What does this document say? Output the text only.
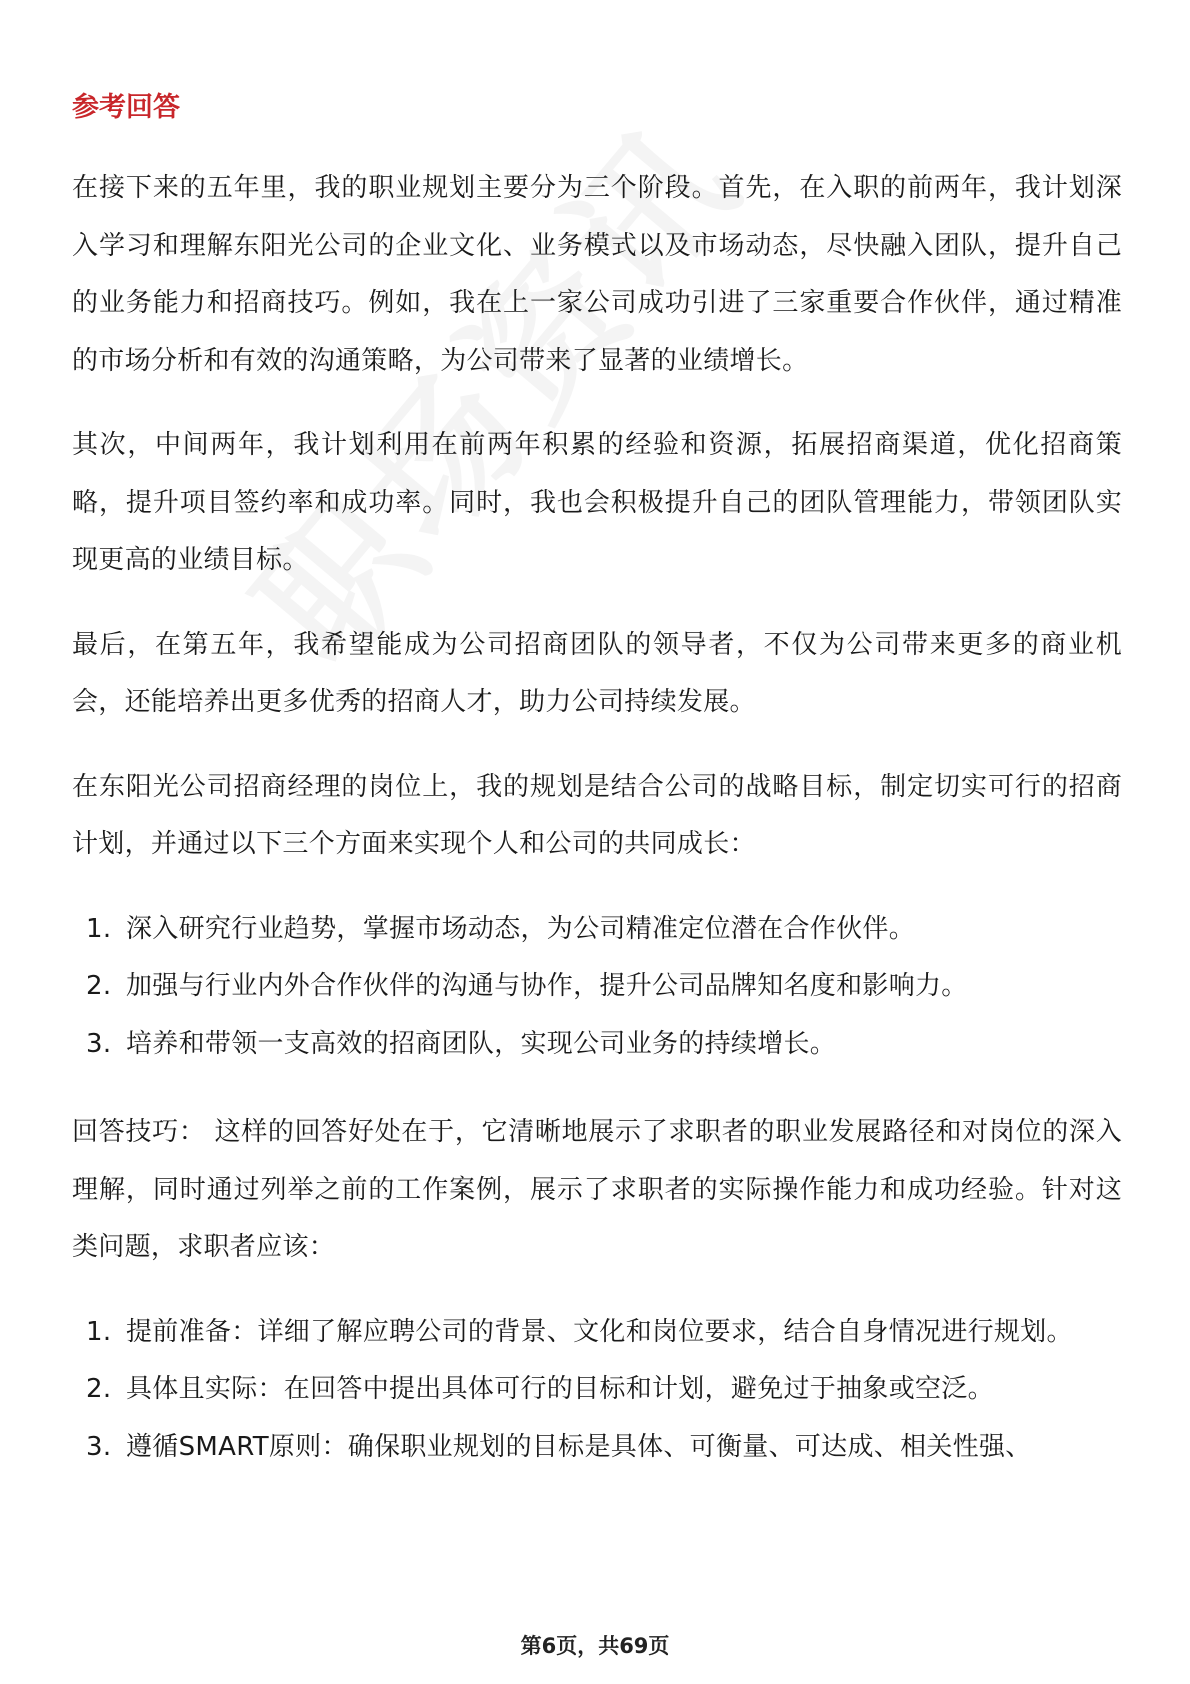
参考回答

在接下来的五年里，我的职业规划主要分为三个阶段。首先，在入职的前两年，我计划深入学习和理解东阳光公司的企业文化、业务模式以及市场动态，尽快融入团队，提升自己的业务能力和招商技巧。例如，我在上一家公司成功引进了三家重要合作伙伴，通过精准的市场分析和有效的沟通策略，为公司带来了显著的业绩增长。

其次，中间两年，我计划利用在前两年积累的经验和资源，拓展招商渠道，优化招商策略，提升项目签约率和成功率。同时，我也会积极提升自己的团队管理能力，带领团队实现更高的业绩目标。

最后，在第五年，我希望能成为公司招商团队的领导者，不仅为公司带来更多的商业机会，还能培养出更多优秀的招商人才，助力公司持续发展。

在东阳光公司招商经理的岗位上，我的规划是结合公司的战略目标，制定切实可行的招商计划，并通过以下三个方面来实现个人和公司的共同成长：

1. 深入研究行业趋势，掌握市场动态，为公司精准定位潜在合作伙伴。
2. 加强与行业内外合作伙伴的沟通与协作，提升公司品牌知名度和影响力。
3. 培养和带领一支高效的招商团队，实现公司业务的持续增长。

回答技巧： 这样的回答好处在于，它清晰地展示了求职者的职业发展路径和对岗位的深入理解，同时通过列举之前的工作案例，展示了求职者的实际操作能力和成功经验。针对这类问题，求职者应该：

1. 提前准备：详细了解应聘公司的背景、文化和岗位要求，结合自身情况进行规划。
2. 具体且实际：在回答中提出具体可行的目标和计划，避免过于抽象或空泛。
3. 遵循SMART原则：确保职业规划的目标是具体、可衡量、可达成、相关性强、
第6页，共69页
